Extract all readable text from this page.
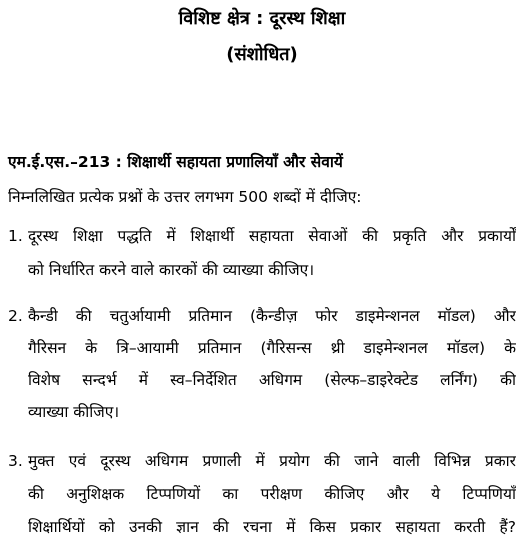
विशिष्ट क्षेत्र : दूरस्थ शिक्षा
(संशोधित)

एम.ई.एस.–213 : शिक्षार्थी सहायता प्रणालियाँ और सेवायें

निम्नलिखित प्रत्येक प्रश्नों के उत्तर लगभग 500 शब्दों में दीजिए:

1. दूरस्थ शिक्षा पद्धति में शिक्षार्थी सहायता सेवाओं की प्रकृति और प्रकार्यों
को निर्धारित करने वाले कारकों की व्याख्या कीजिए।
2. कैन्डी की चतुर्आयामी प्रतिमान (कैन्डीज़ फोर डाइमेन्शनल मॉडल) और
गैरिसन के त्रि–आयामी प्रतिमान (गैरिसन्स थ्री डाइमेन्शनल मॉडल) के
विशेष सन्दर्भ में स्व–निर्देशित अधिगम (सेल्फ–डाइरेक्टेड लर्निंग) की
व्याख्या कीजिए।
3. मुक्त एवं दूरस्थ अधिगम प्रणाली में प्रयोग की जाने वाली विभिन्न प्रकार
की अनुशिक्षक टिप्पणियों का परीक्षण कीजिए और ये टिप्पणियाँ
शिक्षार्थियों को उनकी ज्ञान की रचना में किस प्रकार सहायता करती हैं?
